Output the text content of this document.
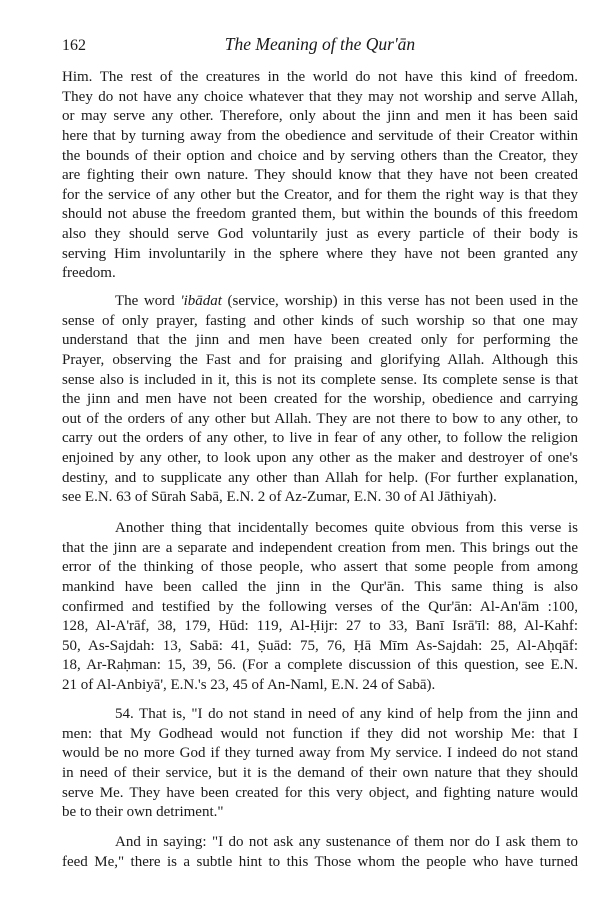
162	The Meaning of the Qur'ān
Him. The rest of the creatures in the world do not have this kind of freedom.
They do not have any choice whatever that they may not worship and serve Allah,
or may serve any other. Therefore, only about the jinn and men it has been said
here that by turning away from the obedience and servitude of their Creator within
the bounds of their option and choice and by serving others than the Creator, they
are fighting their own nature. They should know that they have not been created
for the service of any other but the Creator, and for them the right way is that they
should not abuse the freedom granted them, but within the bounds of this freedom
also they should serve God voluntarily just as every particle of their body is
serving Him involuntarily in the sphere where they have not been granted any
freedom.
The word 'ibādat (service, worship) in this verse has not been used in the
sense of only prayer, fasting and other kinds of such worship so that one may
understand that the jinn and men have been created only for performing the
Prayer, observing the Fast and for praising and glorifying Allah. Although this
sense also is included in it, this is not its complete sense. Its complete sense is that
the jinn and men have not been created for the worship, obedience and carrying
out of the orders of any other but Allah. They are not there to bow to any other, to
carry out the orders of any other, to live in fear of any other, to follow the religion
enjoined by any other, to look upon any other as the maker and destroyer of one's
destiny, and to supplicate any other than Allah for help. (For further explanation,
see E.N. 63 of Sūrah Sabā, E.N. 2 of Az-Zumar, E.N. 30 of Al Jāthiyah).
Another thing that incidentally becomes quite obvious from this verse is
that the jinn are a separate and independent creation from men. This brings out the
error of the thinking of those people, who assert that some people from among
mankind have been called the jinn in the Qur'ān. This same thing is also
confirmed and testified by the following verses of the Qur'ān: Al-An'ām :100,
128, Al-A'rāf, 38, 179, Hūd: 119, Al-Ḥijr: 27 to 33, Banī Isrā'īl: 88, Al-Kahf:
50, As-Sajdah: 13, Sabā: 41, Ṣuād: 75, 76, Ḥā Mīm As-Sajdah: 25, Al-Aḥqāf:
18, Ar-Raḥman: 15, 39, 56. (For a complete discussion of this question, see E.N.
21 of Al-Anbiyā', E.N.'s 23, 45 of An-Naml, E.N. 24 of Sabā).
54. That is, "I do not stand in need of any kind of help from the jinn and
men: that My Godhead would not function if they did not worship Me: that I
would be no more God if they turned away from My service. I indeed do not stand
in need of their service, but it is the demand of their own nature that they should
serve Me. They have been created for this very object, and fighting nature would
be to their own detriment."
And in saying: "I do not ask any sustenance of them nor do I ask them to
feed Me," there is a subtle hint to this Those whom the people who have turned
